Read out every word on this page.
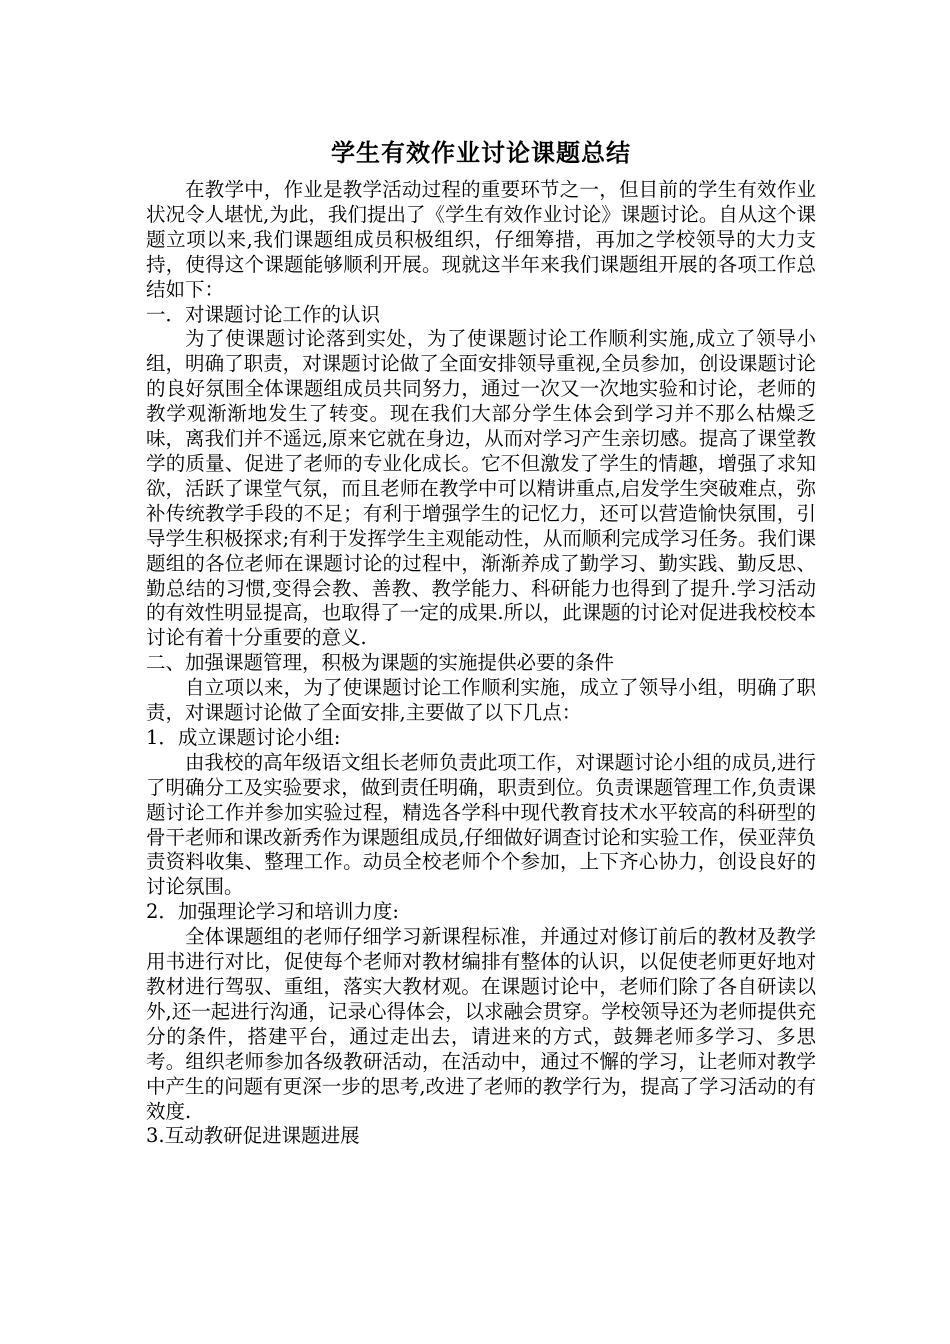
学生有效作业讨论课题总结

在教学中，作业是教学活动过程的重要环节之一，但目前的学生有效作业状况令人堪忧,为此，我们提出了《学生有效作业讨论》课题讨论。自从这个课题立项以来,我们课题组成员积极组织，仔细筹措，再加之学校领导的大力支持，使得这个课题能够顺利开展。现就这半年来我们课题组开展的各项工作总结如下：

一．对课题讨论工作的认识

为了使课题讨论落到实处，为了使课题讨论工作顺利实施,成立了领导小组，明确了职责，对课题讨论做了全面安排领导重视,全员参加，创设课题讨论的良好氛围全体课题组成员共同努力，通过一次又一次地实验和讨论，老师的教学观渐渐地发生了转变。现在我们大部分学生体会到学习并不那么枯燥乏味，离我们并不遥远,原来它就在身边，从而对学习产生亲切感。提高了课堂教学的质量、促进了老师的专业化成长。它不但激发了学生的情趣，增强了求知欲，活跃了课堂气氛，而且老师在教学中可以精讲重点,启发学生突破难点，弥补传统教学手段的不足；有利于增强学生的记忆力，还可以营造愉快氛围，引导学生积极探求;有利于发挥学生主观能动性，从而顺利完成学习任务。我们课题组的各位老师在课题讨论的过程中，渐渐养成了勤学习、勤实践、勤反思、勤总结的习惯,变得会教、善教、教学能力、科研能力也得到了提升.学习活动的有效性明显提高，也取得了一定的成果.所以，此课题的讨论对促进我校校本讨论有着十分重要的意义.

二、加强课题管理，积极为课题的实施提供必要的条件

自立项以来，为了使课题讨论工作顺利实施，成立了领导小组，明确了职责，对课题讨论做了全面安排,主要做了以下几点：

1．成立课题讨论小组:

由我校的高年级语文组长老师负责此项工作，对课题讨论小组的成员,进行了明确分工及实验要求，做到责任明确，职责到位。负责课题管理工作,负责课题讨论工作并参加实验过程，精选各学科中现代教育技术水平较高的科研型的骨干老师和课改新秀作为课题组成员,仔细做好调查讨论和实验工作，侯亚萍负责资料收集、整理工作。动员全校老师个个参加，上下齐心协力，创设良好的讨论氛围。

2．加强理论学习和培训力度:

全体课题组的老师仔细学习新课程标准，并通过对修订前后的教材及教学用书进行对比，促使每个老师对教材编排有整体的认识，以促使老师更好地对教材进行驾驭、重组，落实大教材观。在课题讨论中，老师们除了各自研读以外,还一起进行沟通，记录心得体会，以求融会贯穿。学校领导还为老师提供充分的条件，搭建平台，通过走出去，请进来的方式，鼓舞老师多学习、多思考。组织老师参加各级教研活动，在活动中，通过不懈的学习，让老师对教学中产生的问题有更深一步的思考,改进了老师的教学行为，提高了学习活动的有效度.

3.互动教研促进课题进展
